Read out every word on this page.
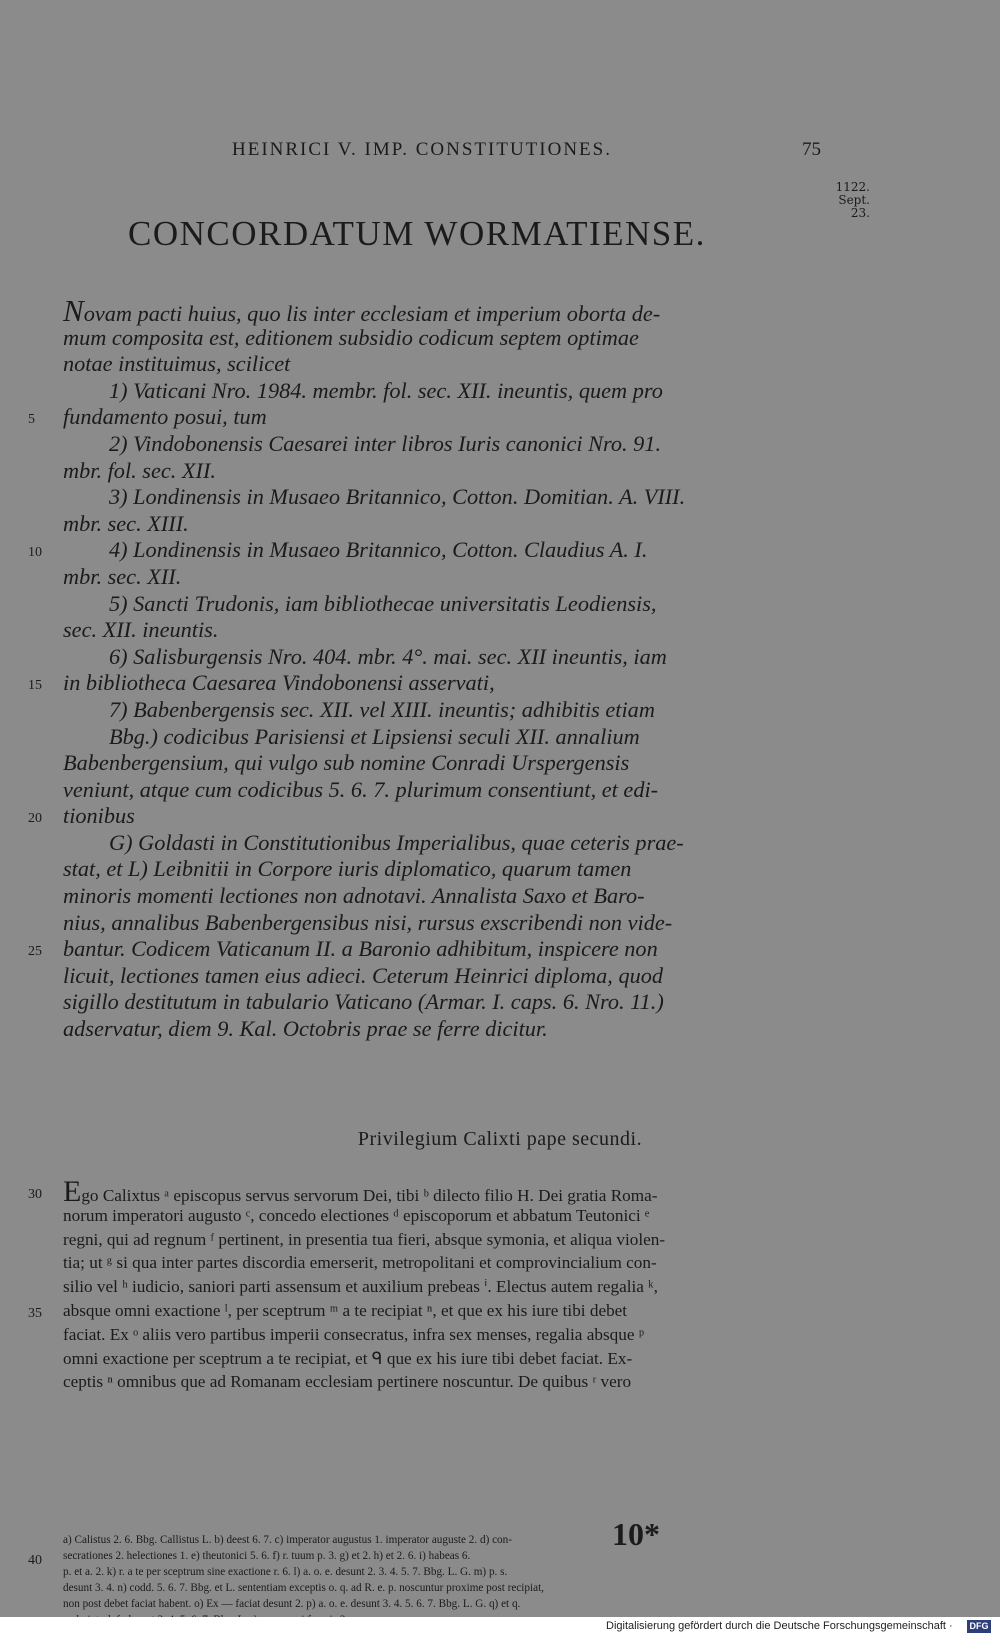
HEINRICI V. IMP. CONSTITUTIONES.	75
1122.
Sept.
23.
CONCORDATUM WORMATIENSE.
Novam pacti huius, quo lis inter ecclesiam et imperium oborta de-
mum composita est, editionem subsidio codicum septem optimae
notae instituimus, scilicet
1) Vaticani Nro. 1984. membr. fol. sec. XII. ineuntis, quem pro
fundamento posui, tum
2) Vindobonensis Caesarei inter libros Iuris canonici Nro. 91.
mbr. fol. sec. XII.
3) Londinensis in Musaeo Britannico, Cotton. Domitian. A. VIII.
mbr. sec. XIII.
4) Londinensis in Musaeo Britannico, Cotton. Claudius A. I.
mbr. sec. XII.
5) Sancti Trudonis, iam bibliothecae universitatis Leodiensis,
sec. XII. ineuntis.
6) Salisburgensis Nro. 404. mbr. 4°. mai. sec. XII ineuntis, iam
in bibliotheca Caesarea Vindobonensi asservati,
7) Babenbergensis sec. XII. vel XIII. ineuntis; adhibitis etiam
Bbg.) codicibus Parisiensi et Lipsiensi seculi XII. annalium
Babenbergensium, qui vulgo sub nomine Conradi Urspergensis
veniunt, atque cum codicibus 5. 6. 7. plurimum consentiunt, et edi-
tionibus
G) Goldasti in Constitutionibus Imperialibus, quae ceteris prae-
stat, et L) Leibnitii in Corpore iuris diplomatico, quarum tamen
minoris momenti lectiones non adnotavi. Annalista Saxo et Baro-
nius, annalibus Babenbergensibus nisi, rursus exscribendi non vide-
bantur. Codicem Vaticanum II. a Baronio adhibitum, inspicere non
licuit, lectiones tamen eius adieci. Ceterum Heinrici diploma, quod
sigillo destitutum in tabulario Vaticano (Armar. I. caps. 6. Nro. 11.)
adservatur, diem 9. Kal. Octobris prae se ferre dicitur.
Privilegium Calixti pape secundi.
Ego Calixtus ᵃ episcopus servus servorum Dei, tibi ᵇ dilecto filio H. Dei gratia Roma-
norum imperatori augusto ᶜ, concedo electiones ᵈ episcoporum et abbatum Teutonici ᵉ
regni, qui ad regnum ᶠ pertinent, in presentia tua fieri, absque symonia, et aliqua violen-
tia; ut ᵍ si qua inter partes discordia emerserit, metropolitani et comprovincialium con-
silio vel ʰ iudicio, saniori parti assensum et auxilium prebeas ⁱ. Electus autem regalia ᵏ,
absque omni exactione ˡ, per sceptrum ᵐ a te recipiat ⁿ, et que ex his iure tibi debet
faciat. Ex ᵒ aliis vero partibus imperii consecratus, infra sex menses, regalia absque ᵖ
omni exactione per sceptrum a te recipiat, et ᑫ que ex his iure tibi debet faciat. Ex-
ceptis ⁿ omnibus que ad Romanam ecclesiam pertinere noscuntur. De quibus ʳ vero
a) Calistus 2. 6. Bbg. Callistus L. b) deest 6. 7. c) imperator augustus 1. imperator auguste 2. d) con-
secrationes 2. helectiones 1. e) theutonici 5. 6. f) r. tuum p. 3. g) et 2. h) et 2. 6. i) habeas 6.
p. et a. 2. k) r. a te per sceptrum sine exactione r. 6. l) a. o. e. desunt 2. 3. 4. 5. 7. Bbg. L. G. m) p. s.
desunt 3. 4. n) codd. 5. 6. 7. Bbg. et L. sententiam exceptis o. q. ad R. e. p. noscuntur proxime post recipiat,
non post debet faciat habent. o) Ex — faciat desunt 2. p) a. o. e. desunt 3. 4. 5. 6. 7. Bbg. L. G. q) et q.
10*
Digitalisierung gefördert durch die Deutsche Forschungsgemeinschaft · DFG
5
10
15
20
25
30
35
40
